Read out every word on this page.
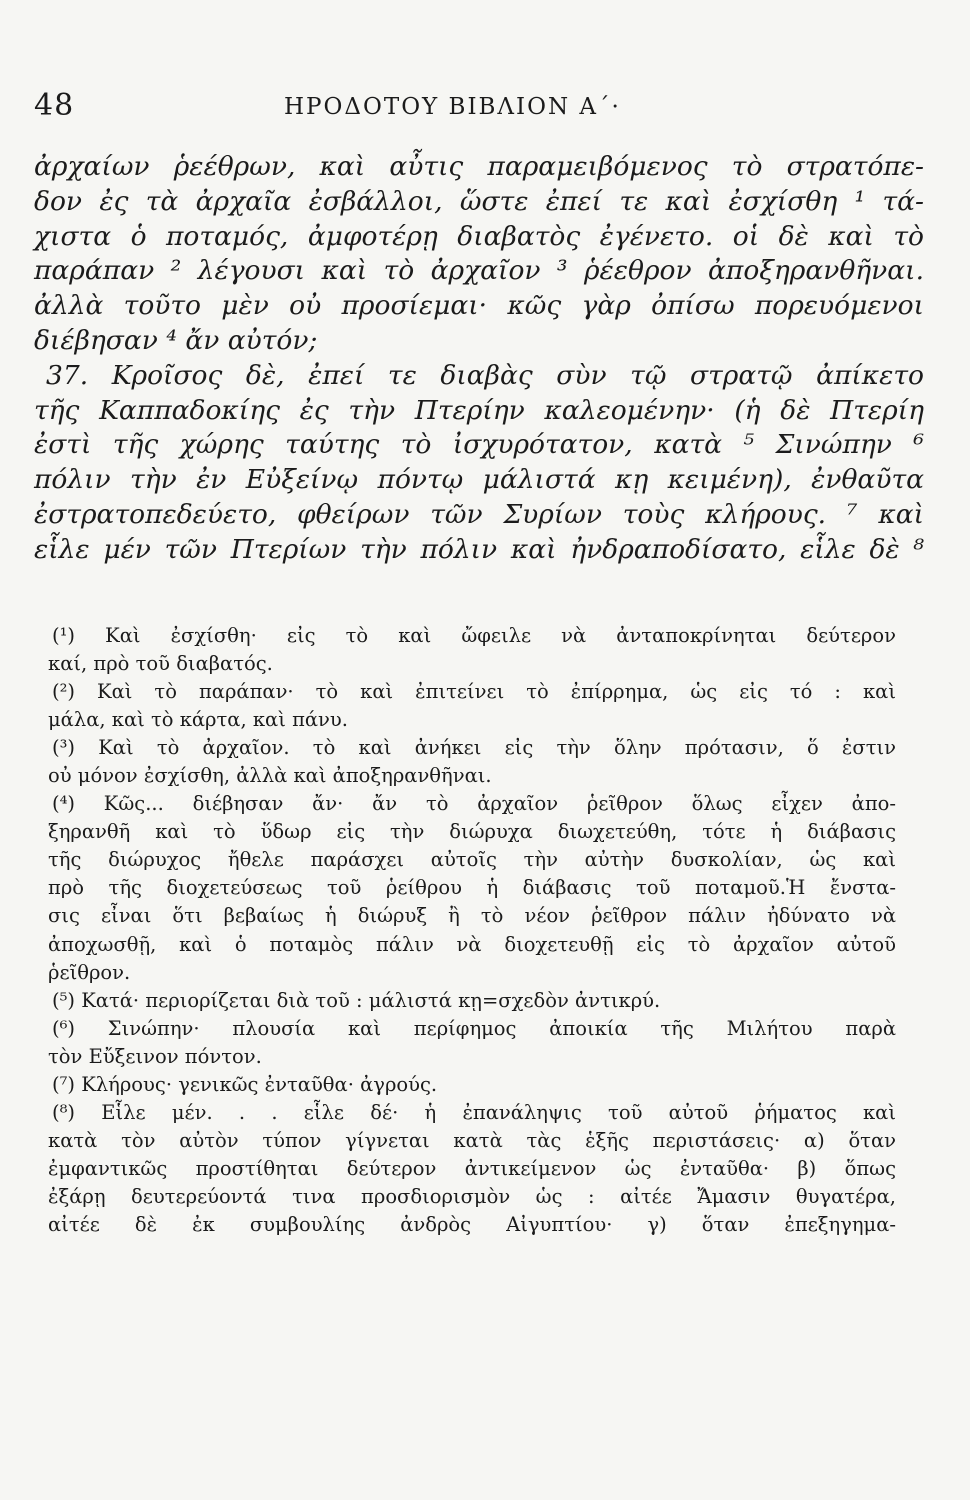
48	ΗΡΟΔΟΤΟΥ ΒΙΒΛΙΟΝ Α΄·
ἀρχαίων ῥεέθρων, καὶ αὖτις παραμειβόμενος τὸ στρατόπε-
δον ἐς τὰ ἀρχαῖα ἐσβάλλοι, ὥστε ἐπεί τε καὶ ἐσχίσθη ¹ τά-
χιστα ὁ ποταμός, ἀμφοτέρῃ διαβατὸς ἐγένετο. οἱ δὲ καὶ τὸ
παράπαν ² λέγουσι καὶ τὸ ἀρχαῖον ³ ῥέεθρον ἀποξηρανθῆναι.
ἀλλὰ τοῦτο μὲν οὐ προσίεμαι· κῶς γὰρ ὀπίσω πορευόμενοι
διέβησαν ⁴ ἄν αὐτόν;
37. Κροῖσος δὲ, ἐπεί τε διαβὰς σὺν τῷ στρατῷ ἀπίκετο
τῆς Καππαδοκίης ἐς τὴν Πτερίην καλεομένην· (ἡ δὲ Πτερίη
ἐστὶ τῆς χώρης ταύτης τὸ ἰσχυρότατον, κατὰ ⁵ Σινώπην ⁶
πόλιν τὴν ἐν Εὐξείνῳ πόντῳ μάλιστά κῃ κειμένη), ἐνθαῦτα
ἐστρατοπεδεύετο, φθείρων τῶν Συρίων τοὺς κλήρους. ⁷ καὶ
εἷλε μέν τῶν Πτερίων τὴν πόλιν καὶ ἠνδραποδίσατο, εἷλε δὲ ⁸
(¹) Καὶ ἐσχίσθη· εἰς τὸ καὶ ὤφειλε νὰ ἀνταποκρίνηται δεύτερον
καί, πρὸ τοῦ διαβατός.
(²) Καὶ τὸ παράπαν· τὸ καὶ ἐπιτείνει τὸ ἐπίρρημα, ὡς εἰς τό : καὶ
μάλα, καὶ τὸ κάρτα, καὶ πάνυ.
(³) Καὶ τὸ ἀρχαῖον. τὸ καὶ ἀνήκει εἰς τὴν ὅλην πρότασιν, ὅ ἐστιν
οὐ μόνον ἐσχίσθη, ἀλλὰ καὶ ἀποξηρανθῆναι.
(⁴) Κῶς... διέβησαν ἄν· ἄν τὸ ἀρχαῖον ῥεῖθρον ὅλως εἶχεν ἀπο-
ξηρανθῆ καὶ τὸ ὕδωρ εἰς τὴν διώρυχα διωχετεύθη, τότε ἡ διάβασις
τῆς διώρυχος ἤθελε παράσχει αὐτοῖς τὴν αὐτὴν δυσκολίαν, ὡς καὶ
πρὸ τῆς διοχετεύσεως τοῦ ῥείθρου ἡ διάβασις τοῦ ποταμοῦ.Ἡ ἔνστα-
σις εἶναι ὅτι βεβαίως ἡ διώρυξ ἢ τὸ νέον ῥεῖθρον πάλιν ἠδύνατο νὰ
ἀποχωσθῇ, καὶ ὁ ποταμὸς πάλιν νὰ διοχετευθῇ εἰς τὸ ἀρχαῖον αὐτοῦ
ῥεῖθρον.
(⁵) Κατά· περιορίζεται διὰ τοῦ : μάλιστά κῃ=σχεδὸν ἀντικρύ.
(⁶) Σινώπην· πλουσία καὶ περίφημος ἀποικία τῆς Μιλήτου παρὰ
τὸν Εὔξεινον πόντον.
(⁷) Κλήρους· γενικῶς ἐνταῦθα· ἀγρούς.
(⁸) Εἷλε μέν. . . εἷλε δέ· ἡ ἐπανάληψις τοῦ αὐτοῦ ῥήματος καὶ
κατὰ τὸν αὐτὸν τύπον γίγνεται κατὰ τὰς ἑξῆς περιστάσεις· α) ὅταν
ἐμφαντικῶς προστίθηται δεύτερον ἀντικείμενον ὡς ἐνταῦθα· β) ὅπως
ἐξάρῃ δευτερεύοντά τινα προσδιορισμὸν ὡς : αἰτέε Ἄμασιν θυγατέρα,
αἰτέε δὲ ἐκ συμβουλίης ἀνδρὸς Αἰγυπτίου· γ) ὅταν ἐπεξηγημα-
